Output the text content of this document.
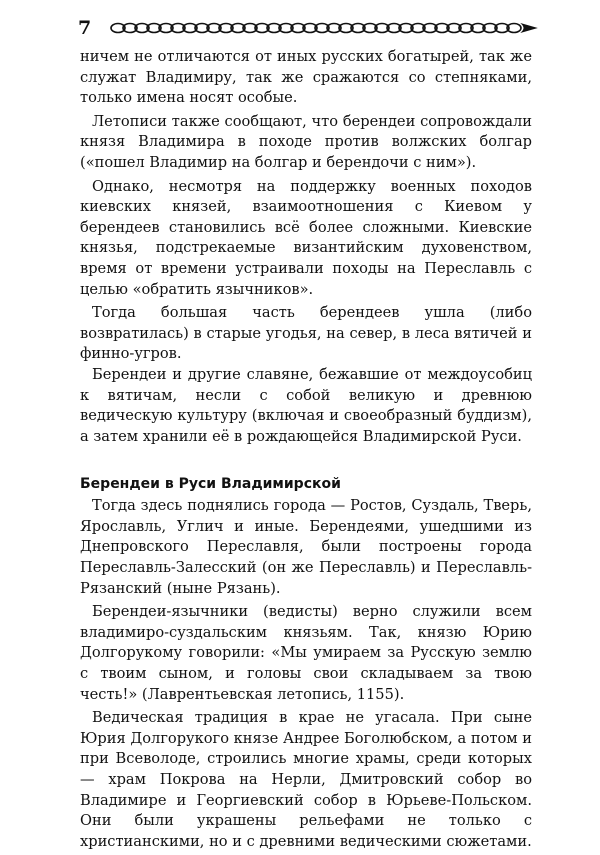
7

ничем не отличаются от иных русских богатырей, так же служат Владимиру, так же сражаются со степняками, только имена носят особые.

Летописи также сообщают, что берендеи сопровождали князя Владимира в походе против волжских болгар («пошел Владимир на болгар и берендочи с ним»).

Однако, несмотря на поддержку военных походов киевских князей, взаимоотношения с Киевом у берендеев становились всё более сложными. Киевские князья, подстрекаемые византийским духовенством, время от времени устраивали походы на Переславль с целью «обратить язычников».

Тогда большая часть берендеев ушла (либо возвратилась) в старые угодья, на север, в леса вятичей и финно-угров.

Берендеи и другие славяне, бежавшие от междоусобиц к вятичам, несли с собой великую и древнюю ведическую культуру (включая и своеобразный буддизм), а затем хранили её в рождающейся Владимирской Руси.

Берендеи в Руси Владимирской

Тогда здесь поднялись города — Ростов, Суздаль, Тверь, Ярославль, Углич и иные. Берендеями, ушедшими из Днепровского Переславля, были построены города Переславль-Залесский (он же Переславль) и Переславль-Рязанский (ныне Рязань).

Берендеи-язычники (ведисты) верно служили всем владимиро-суздальским князьям. Так, князю Юрию Долгорукому говорили: «Мы умираем за Русскую землю с твоим сыном, и головы свои складываем за твою честь!» (Лаврентьевская летопись, 1155).

Ведическая традиция в крае не угасала. При сыне Юрия Долгорукого князе Андрее Боголюбском, а потом и при Всеволоде, строились многие храмы, среди которых — храм Покрова на Нерли, Дмитровский собор во Владимире и Георгиевский собор в Юрьеве-Польском. Они были украшены рельефами не только с христианскими, но и с древними ведическими сюжетами.
